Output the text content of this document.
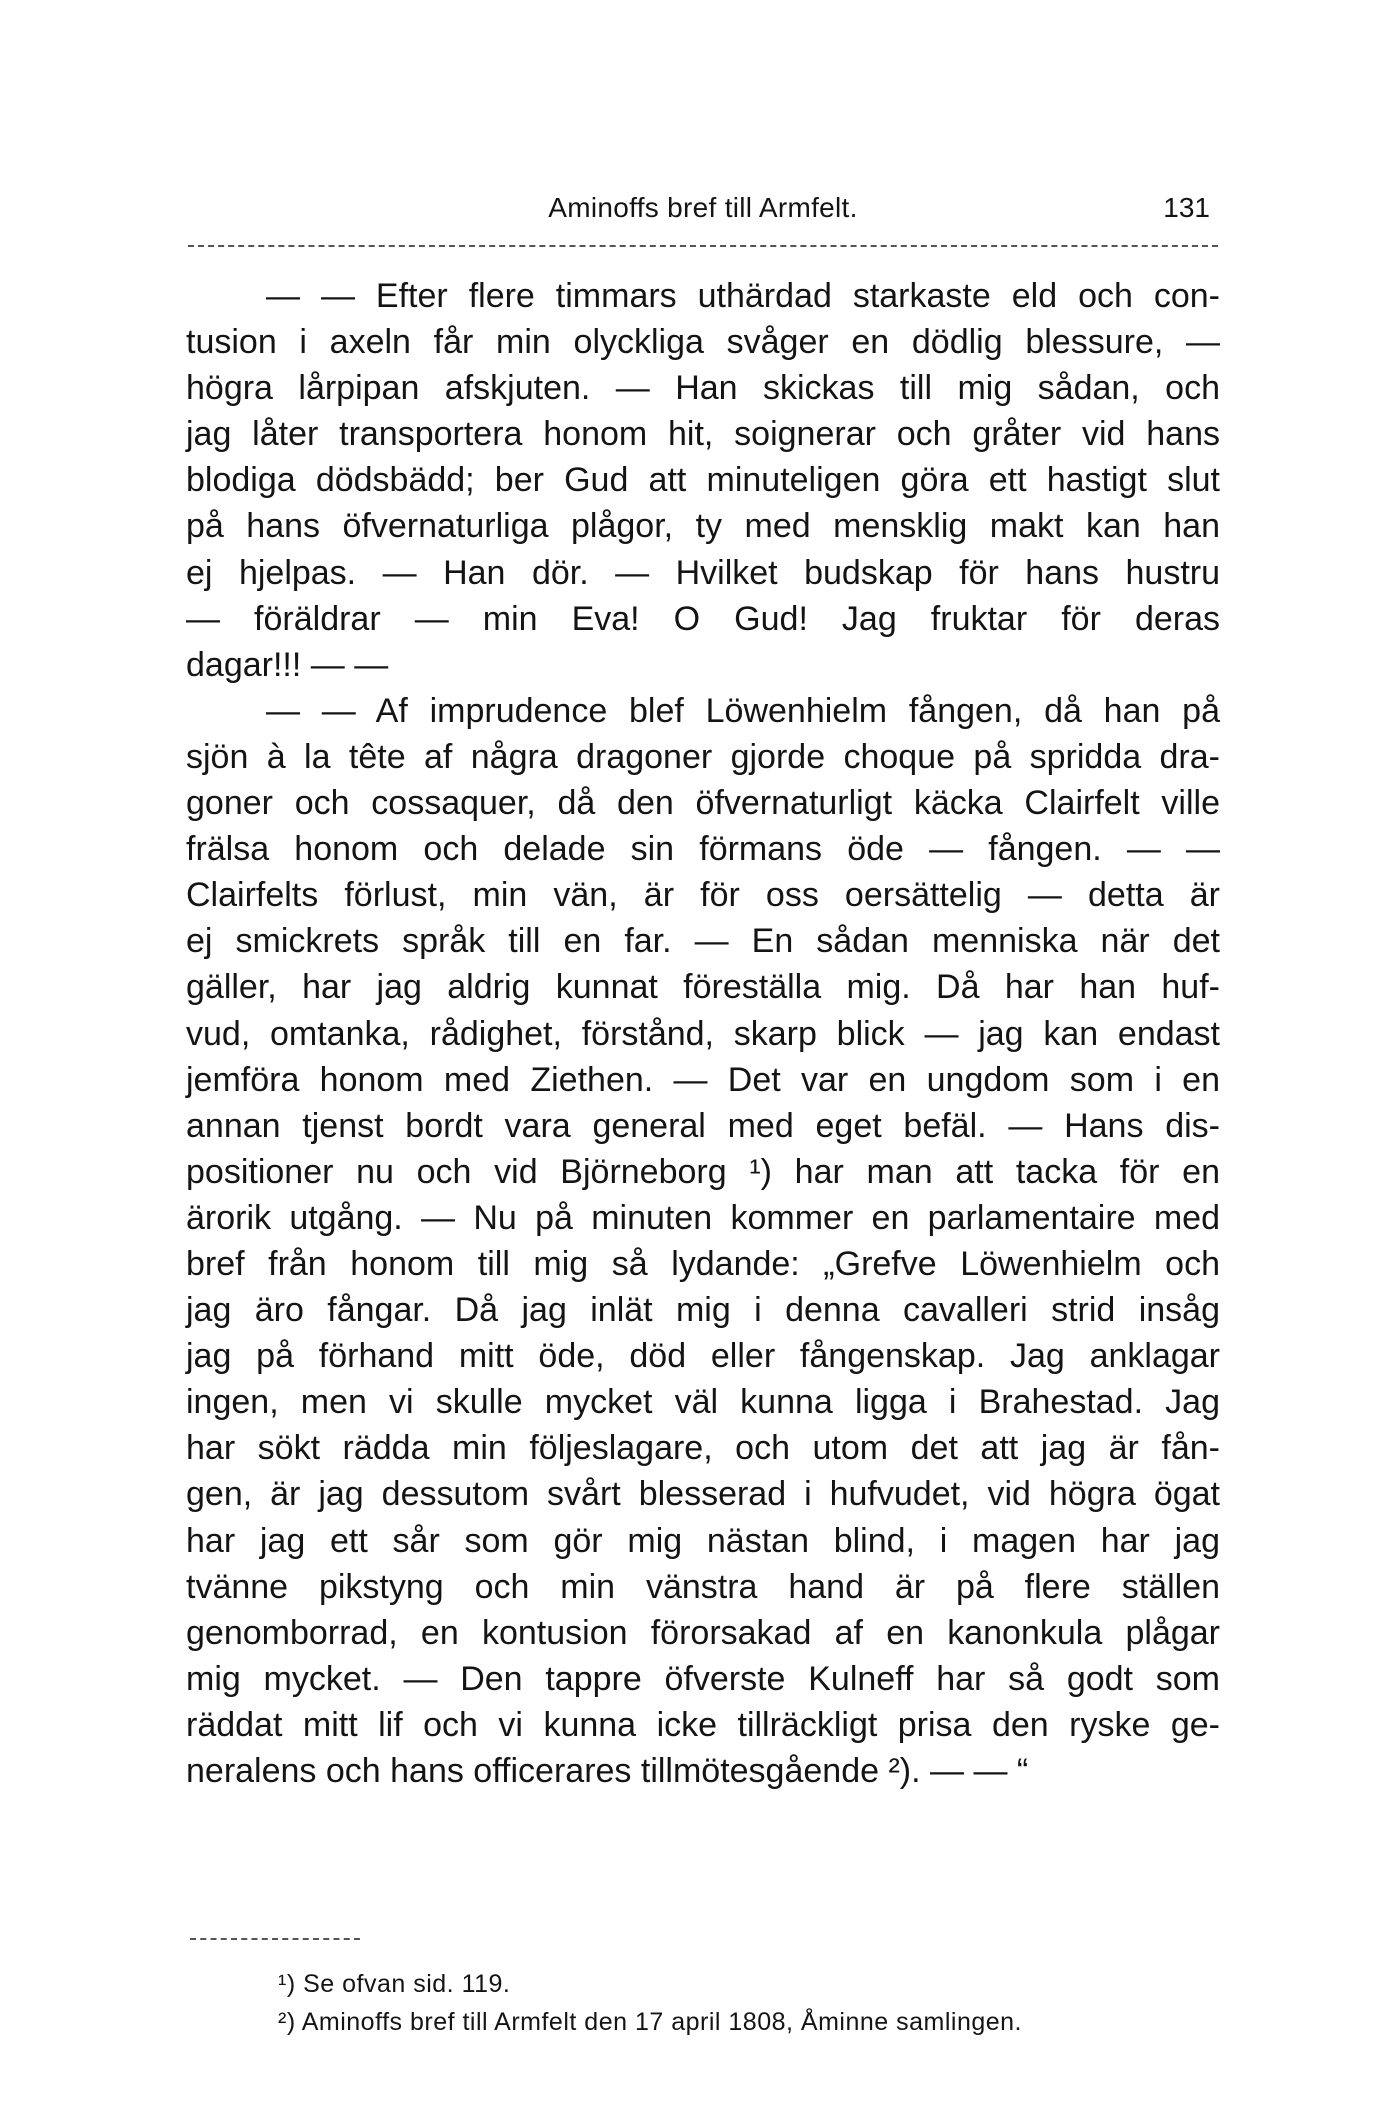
Aminoffs bref till Armfelt.	131
— — Efter flere timmars uthärdad starkaste eld och con-
tusion i axeln får min olyckliga svåger en dödlig blessure, —
högra lårpipan afskjuten. — Han skickas till mig sådan, och
jag låter transportera honom hit, soignerar och gråter vid hans
blodiga dödsbädd; ber Gud att minuteligen göra ett hastigt slut
på hans öfvernaturliga plågor, ty med mensklig makt kan han
ej hjelpas. — Han dör. — Hvilket budskap för hans hustru
— föräldrar — min Eva! O Gud! Jag fruktar för deras
dagar!!! — —
— — Af imprudence blef Löwenhielm fången, då han på
sjön à la tête af några dragoner gjorde choque på spridda dra-
goner och cossaquer, då den öfvernaturligt käcka Clairfelt ville
frälsa honom och delade sin förmans öde — fången. — —
Clairfelts förlust, min vän, är för oss oersättelig — detta är
ej smickrets språk till en far. — En sådan menniska när det
gäller, har jag aldrig kunnat föreställa mig. Då har han huf-
vud, omtanka, rådighet, förstånd, skarp blick — jag kan endast
jemföra honom med Ziethen. — Det var en ungdom som i en
annan tjenst bordt vara general med eget befäl. — Hans dis-
positioner nu och vid Björneborg ¹) har man att tacka för en
ärorik utgång. — Nu på minuten kommer en parlamentaire med
bref från honom till mig så lydande: „Grefve Löwenhielm och
jag äro fångar. Då jag inlät mig i denna cavalleri strid insåg
jag på förhand mitt öde, död eller fångenskap. Jag anklagar
ingen, men vi skulle mycket väl kunna ligga i Brahestad. Jag
har sökt rädda min följeslagare, och utom det att jag är fån-
gen, är jag dessutom svårt blesserad i hufvudet, vid högra ögat
har jag ett sår som gör mig nästan blind, i magen har jag
tvänne pikstyng och min vänstra hand är på flere ställen
genomborrad, en kontusion förorsakad af en kanonkula plågar
mig mycket. — Den tappre öfverste Kulneff har så godt som
räddat mitt lif och vi kunna icke tillräckligt prisa den ryske ge-
neralens och hans officerares tillmötesgående ²). — — “
¹) Se ofvan sid. 119.
²) Aminoffs bref till Armfelt den 17 april 1808, Åminne samlingen.
